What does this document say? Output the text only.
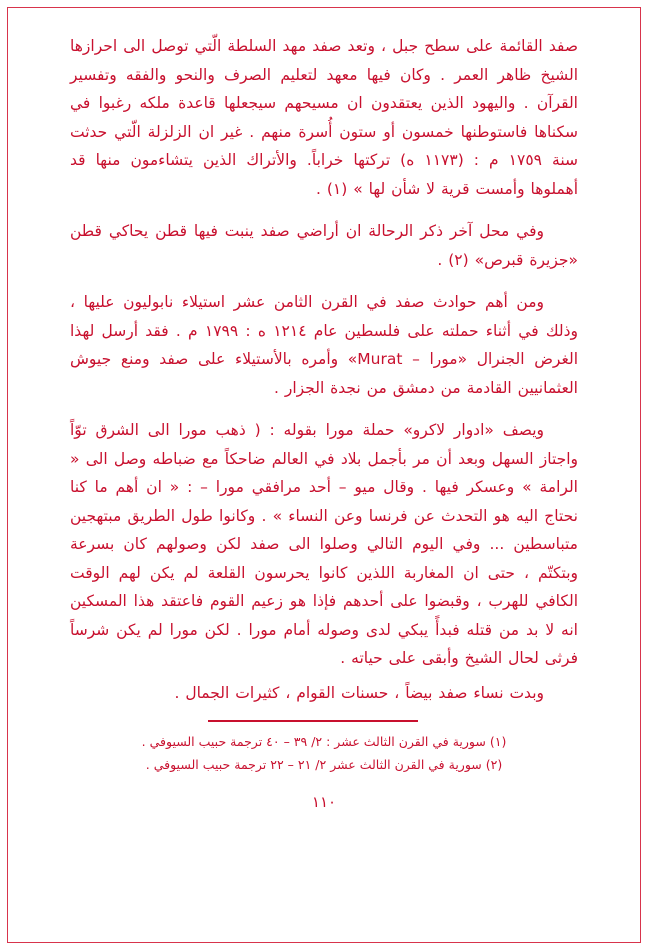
صفد القائمة على سطح جبل ، وتعد صفد مهد السلطة الّتي توصل الى احرازها الشيخ ظاهر العمر . وكان فيها معهد لتعليم الصرف والنحو والفقه وتفسير القرآن . واليهود الذين يعتقدون ان مسيحهم سيجعلها قاعدة ملكه رغبوا في سكناها فاستوطنها خمسون أو ستون أُسرة منهم . غير ان الزلزلة الّتي حدثت سنة ١٧٥٩ م : (١١٧٣ ه) تركتها خراباً. والأتراك الذين يتشاءمون منها قد أهملوها وأمست قرية لا شأن لها » (١) .

وفي محل آخر ذكر الرحالة ان أراضي صفد ينبت فيها قطن يحاكي قطن «جزيرة قبرص» (٢) .

ومن أهم حوادث صفد في القرن الثامن عشر استيلاء نابوليون عليها ، وذلك في أثناء حملته على فلسطين عام ١٢١٤ ه : ١٧٩٩ م . فقد أرسل لهذا الغرض الجنرال «مورا – Murat» وأمره بالأستيلاء على صفد ومنع جيوش العثمانيين القادمة من دمشق من نجدة الجزار .

ويصف «ادوار لاكرو» حملة مورا بقوله : ( ذهب مورا الى الشرق توّاً واجتاز السهل وبعد أن مر بأجمل بلاد في العالم ضاحكاً مع ضباطه وصل الى « الرامة » وعسكر فيها . وقال ميو – أحد مرافقي مورا – : « ان أهم ما كنا نحتاج اليه هو التحدث عن فرنسا وعن النساء » . وكانوا طول الطريق مبتهجين متباسطين ... وفي اليوم التالي وصلوا الى صفد لكن وصولهم كان بسرعة وبتكتّم ، حتى ان المغاربة اللذين كانوا يحرسون القلعة لم يكن لهم الوقت الكافي للهرب ، وقبضوا على أحدهم فإذا هو زعيم القوم فاعتقد هذا المسكين انه لا بد من قتله فبدأً يبكي لدى وصوله أمام مورا . لكن مورا لم يكن شرساً فرثى لحال الشيخ وأبقى على حياته .

وبدت نساء صفد بيضاً ، حسنات القوام ، كثيرات الجمال .

(١) سورية في القرن الثالث عشر : ٢/ ٣٩ – ٤٠ ترجمة حبيب السيوفي .

(٢) سورية في القرن الثالث عشر ٢/ ٢١ – ٢٢ ترجمة حبيب السيوفي .

١١٠
